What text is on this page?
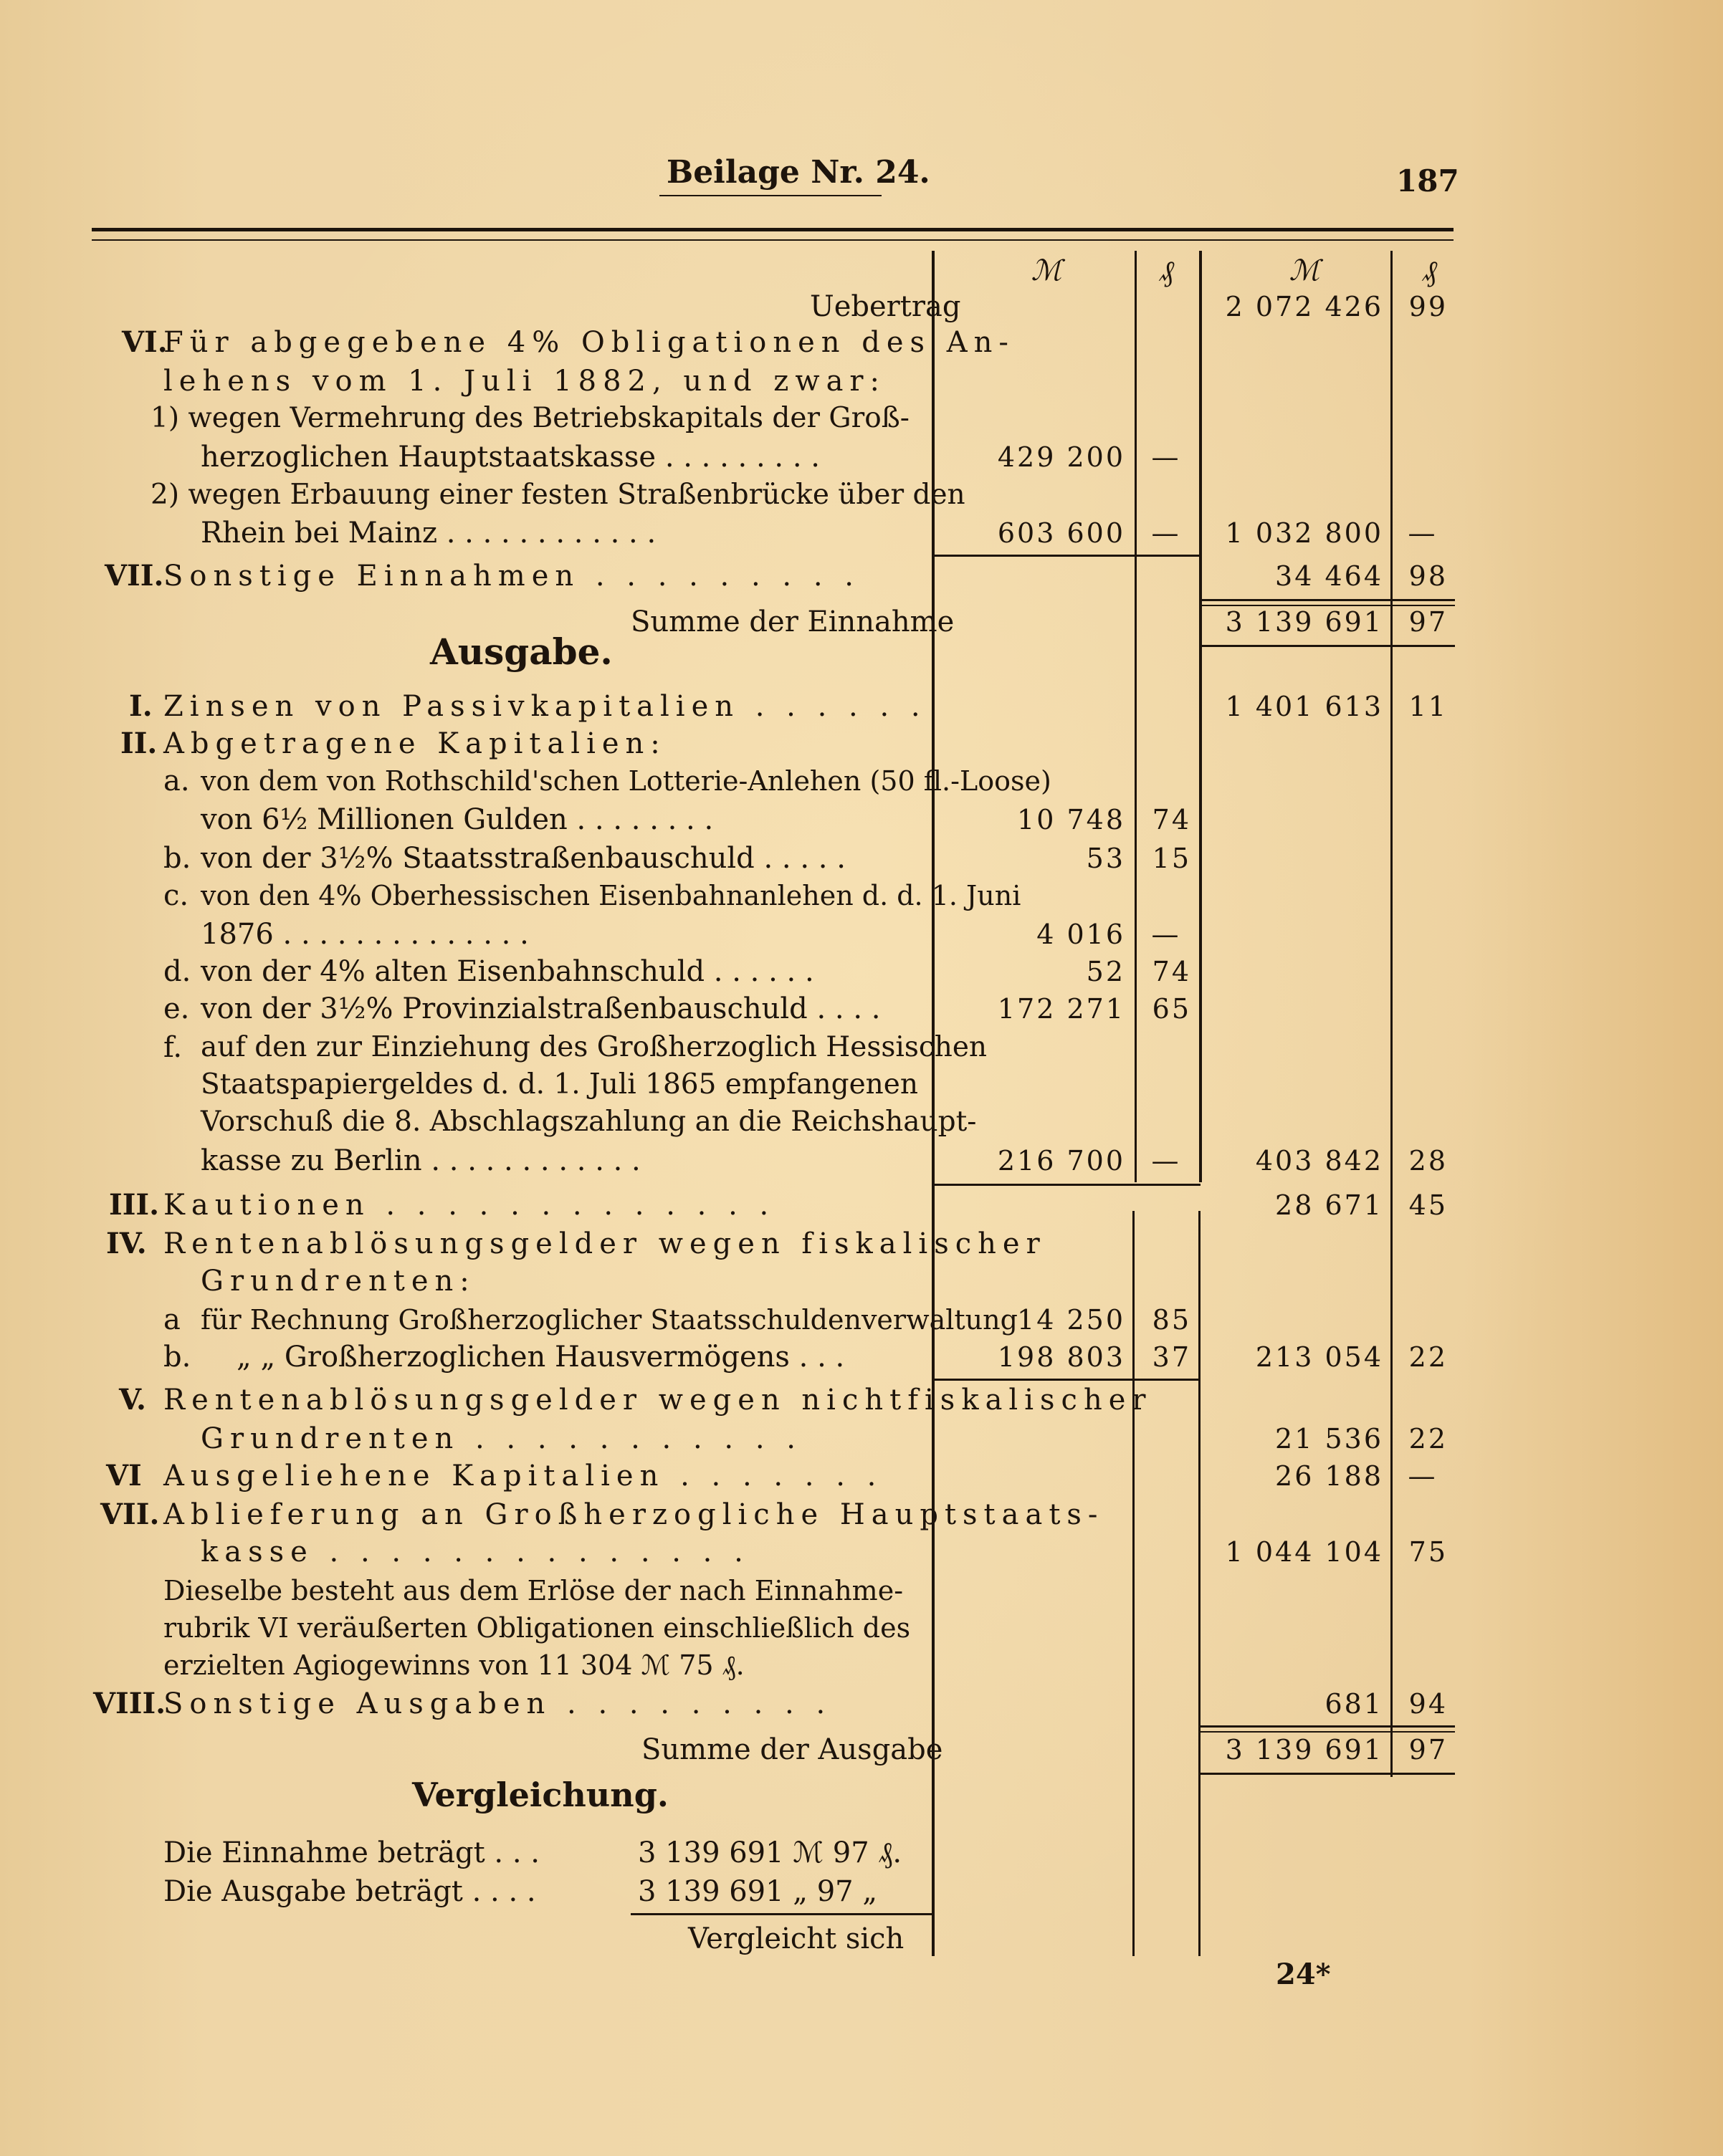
Beilage Nr. 24.	187
ℳ	₰	ℳ	₰
Uebertrag	2 072 426 99
VI.
Für abgegebene 4% Obligationen des An-
lehens vom 1. Juli 1882, und zwar:
1) wegen Vermehrung des Betriebskapitals der Groß-
herzoglichen Hauptstaatskasse . . . . . . . . .	429 200 —
2) wegen Erbauung einer festen Straßenbrücke über den
Rhein bei Mainz . . . . . . . . . . . .	603 600 —	1 032 800 —
VII. Sonstige Einnahmen . . . . . . . . .	34 464 98
Summe der Einnahme	3 139 691 97
Ausgabe.
I. Zinsen von Passivkapitalien . . . . . .	1 401 613 11
II. Abgetragene Kapitalien:
a. von dem von Rothschild'schen Lotterie-Anlehen (50 fl.-Loose)
von 6½ Millionen Gulden . . . . . . . .	10 748 74
b. von der 3½% Staatsstraßenbauschuld . . . . .	53 15
c. von den 4% Oberhessischen Eisenbahnanlehen d. d. 1. Juni
1876 . . . . . . . . . . . . . .	4 016 —
d. von der 4% alten Eisenbahnschuld . . . . . .	52 74
e. von der 3½% Provinzialstraßenbauschuld . . . .	172 271 65
f. auf den zur Einziehung des Großherzoglich Hessischen
Staatspapiergeldes d. d. 1. Juli 1865 empfangenen
Vorschuß die 8. Abschlagszahlung an die Reichshaupt-
kasse zu Berlin . . . . . . . . . . . .	216 700 —	403 842 28
III. Kautionen . . . . . . . . . . . . .	28 671 45
IV. Rentenablösungsgelder wegen fiskalischer
Grundrenten:
a für Rechnung Großherzoglicher Staatsschuldenverwaltung 14 250 85
b. „ „ Großherzoglichen Hausvermögens . . .	198 803 37	213 054 22
V. Rentenablösungsgelder wegen nichtfiskalischer
Grundrenten . . . . . . . . . . .	21 536 22
VI Ausgeliehene Kapitalien . . . . . . .	26 188 —
VII. Ablieferung an Großherzogliche Hauptstaats-
kasse . . . . . . . . . . . . . .	1 044 104 75
Dieselbe besteht aus dem Erlöse der nach Einnahme-
rubrik VI veräußerten Obligationen einschließlich des
erzielten Agiogewinns von 11 304 ℳ 75 ₰.
VIII.
Sonstige Ausgaben . . . . . . . . .	681 94
Summe der Ausgabe	3 139 691 97
Vergleichung.
Die Einnahme beträgt . . .	3 139 691 ℳ 97 ₰.
Die Ausgabe beträgt . . . .	3 139 691 „ 97 „
Vergleicht sich
24*
